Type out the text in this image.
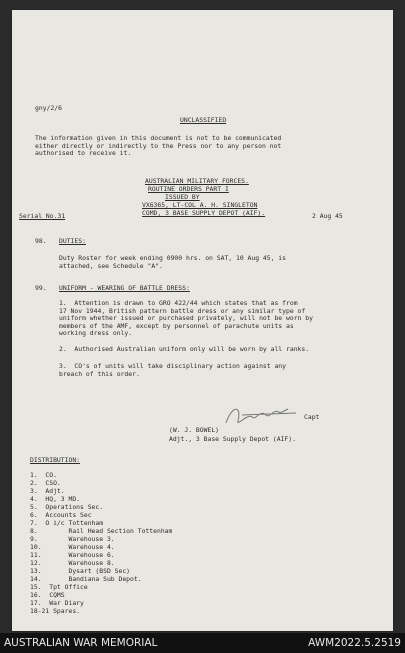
gny/2/6
UNCLASSIFIED
The information given in this document is not to be communicated
either directly or indirectly to the Press nor to any person not
authorised to receive it.
AUSTRALIAN MILITARY FORCES.
ROUTINE ORDERS PART I
ISSUED BY
VX6365, LT-COL A. H. SINGLETON
COMD, 3 BASE SUPPLY DEPOT (AIF).
Serial No.31	2 Aug 45
98. DUTIES:
Duty Roster for week ending 0900 hrs. on SAT, 10 Aug 45, is
attached, see Schedule "A".
99. UNIFORM - WEARING OF BATTLE DRESS:
1.  Attention is drawn to GRO 422/44 which states that as from
17 Nov 1944, British pattern battle dress or any similar type of
uniform whether issued or purchased privately, will not be worn by
members of the AMF, except by personnel of parachute units as
working dress only.
2.  Authorised Australian uniform only will be worn by all ranks.
3.  CO's of units will take disciplinary action against any
breach of this order.
Capt
(W. J. BOWEL)
Adjt., 3 Base Supply Depot (AIF).
DISTRIBUTION:
1.  CO.
2.  CSO.
3.  Adjt.
4.  HQ, 3 MD.
5.  Operations Sec.
6.  Accounts Sec
7.  O i/c Tottenham
8.        Rail Head Section Tottenham
9.        Warehouse 3.
10.       Warehouse 4.
11.       Warehouse 6.
12.       Warehouse 8.
13.       Dysart (BSD Sec)
14.       Bandiana Sub Depot.
15.  Tpt Office
16.  CQMS
17.  War Diary
18-21 Spares.
AUSTRALIAN WAR MEMORIAL	AWM2022.5.2519
